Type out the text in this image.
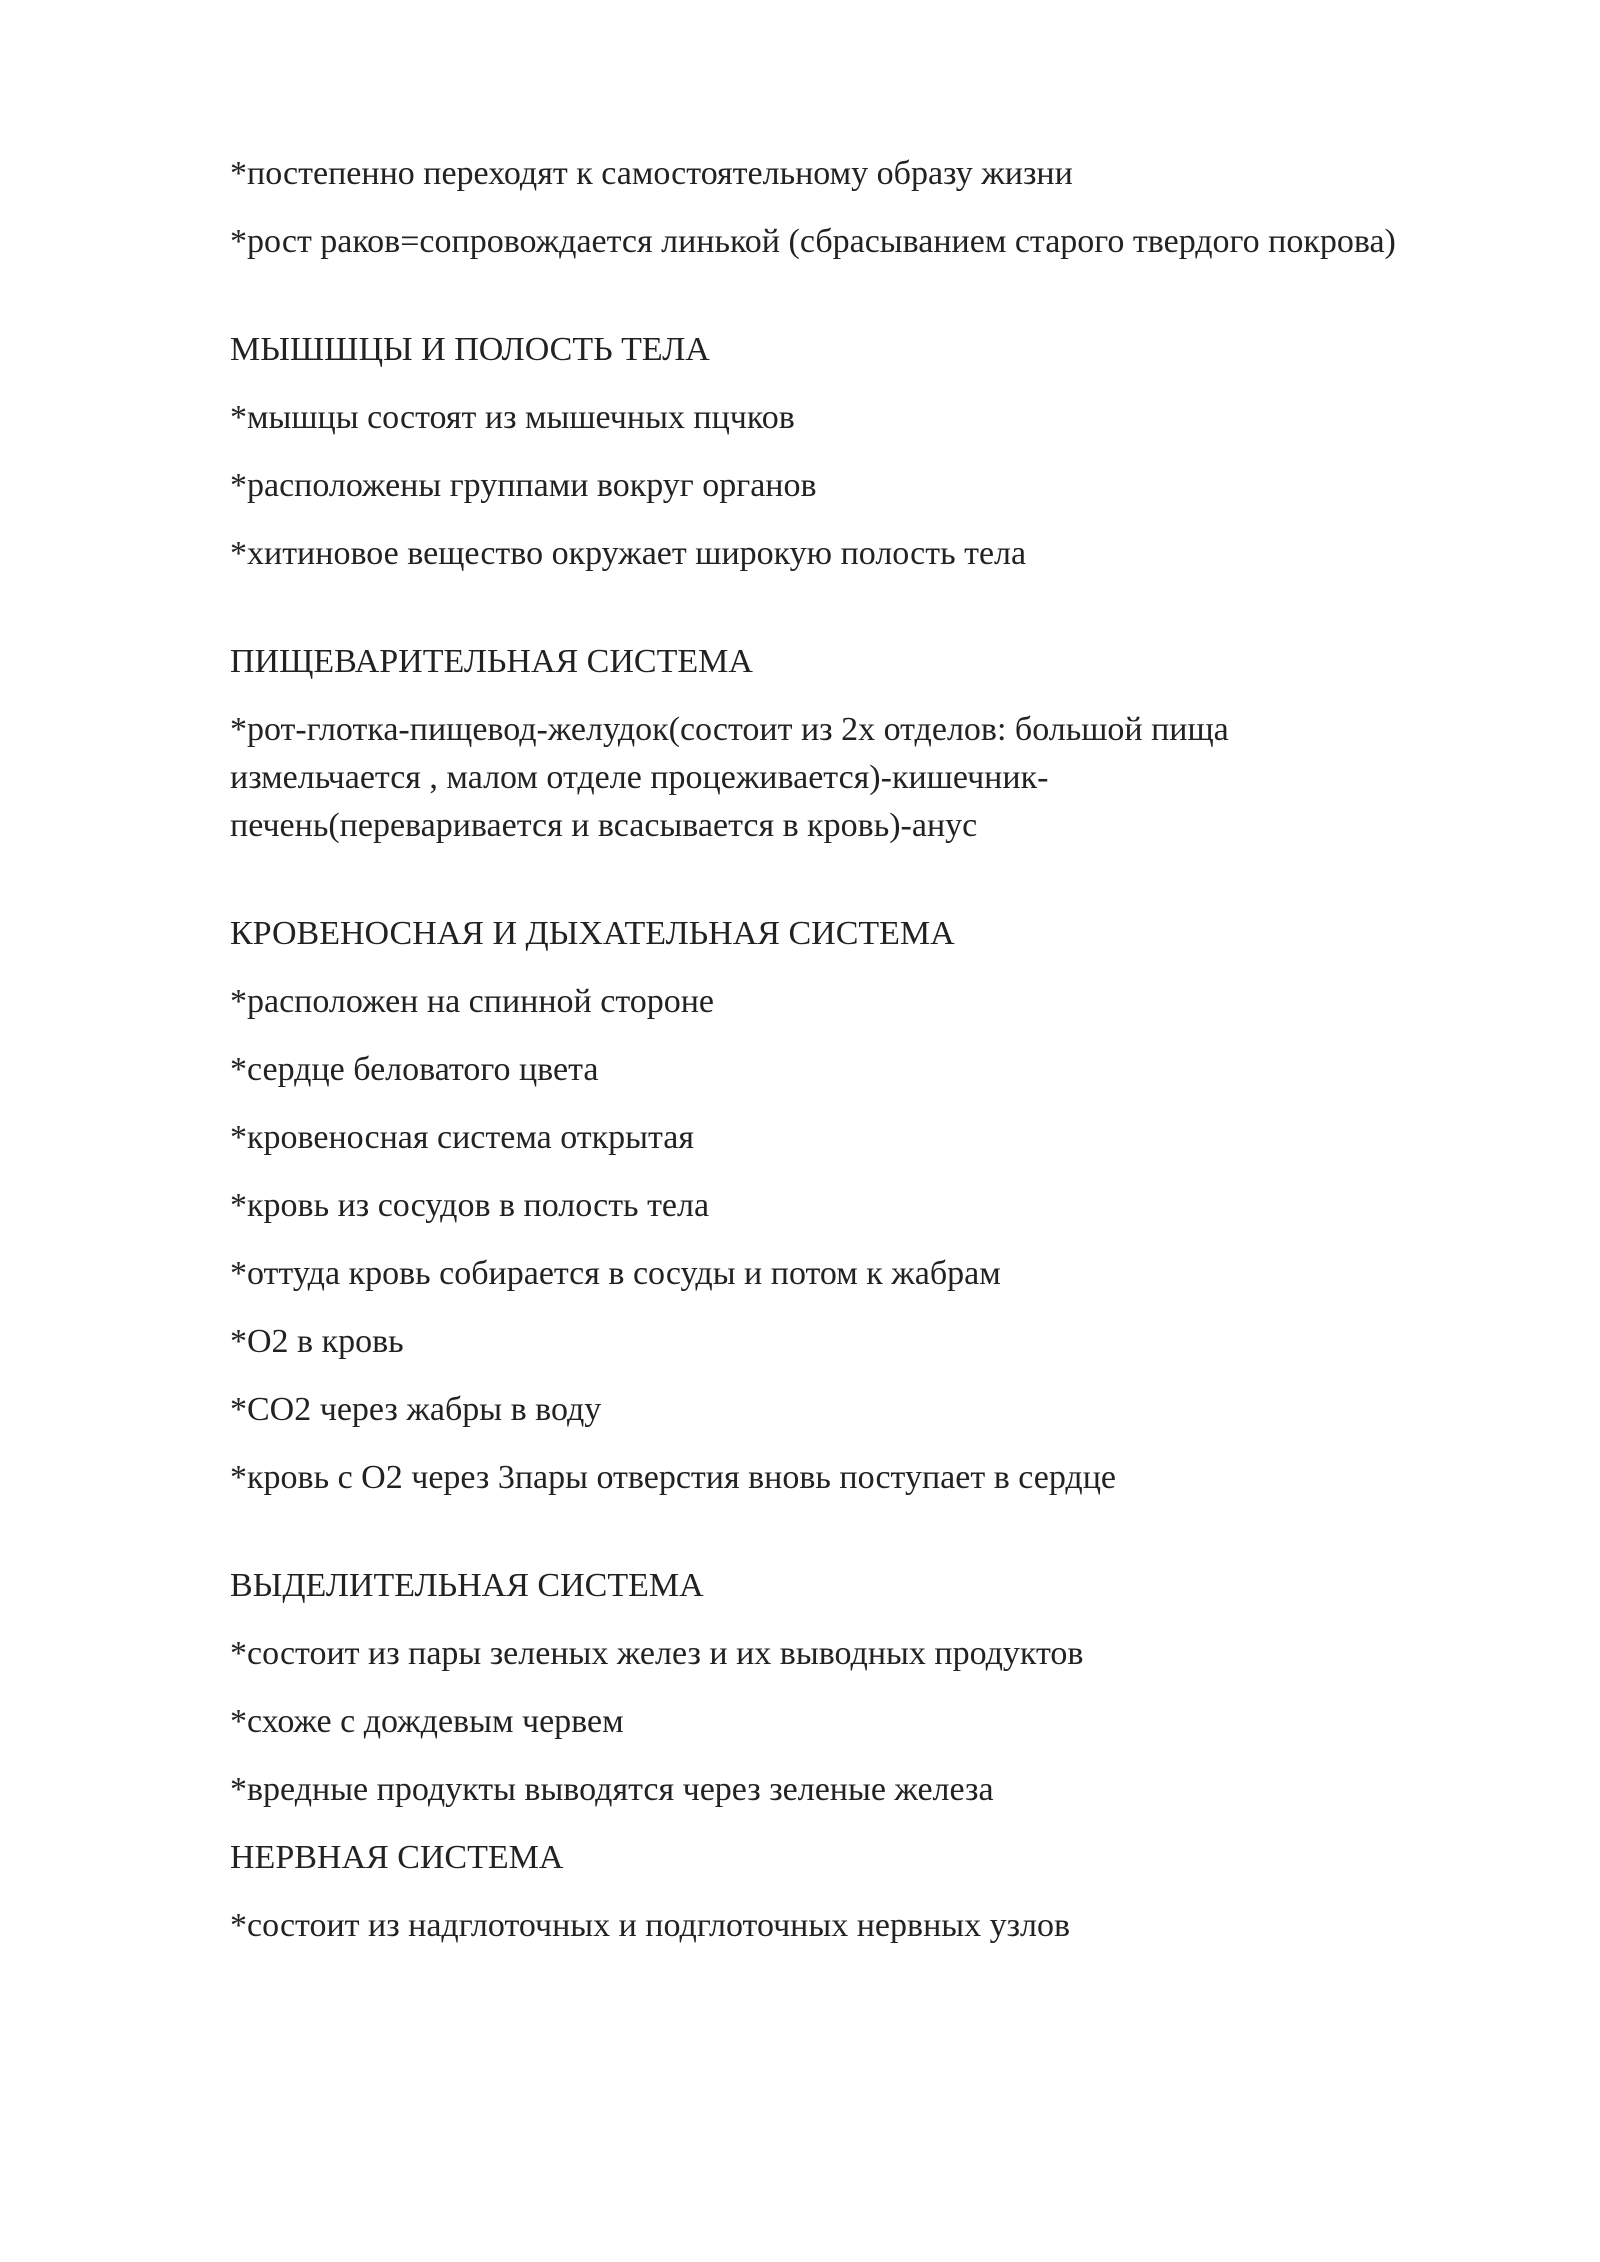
*постепенно переходят к самостоятельному образу жизни

*рост раков=сопровождается линькой (сбрасыванием старого твердого покрова)

МЫШШЦЫ И ПОЛОСТЬ ТЕЛА

*мышцы состоят из мышечных пцчков

*расположены группами вокруг органов

*хитиновое вещество окружает широкую полость тела

ПИЩЕВАРИТЕЛЬНАЯ СИСТЕМА

*рот-глотка-пищевод-желудок(состоит из 2х отделов: большой пища измельчается , малом отделе процеживается)-кишечник-печень(переваривается и всасывается в кровь)-анус

КРОВЕНОСНАЯ И ДЫХАТЕЛЬНАЯ СИСТЕМА

*расположен на спинной стороне

*сердце беловатого цвета

*кровеносная система открытая

*кровь из сосудов в полость тела

*оттуда кровь собирается в сосуды и потом к жабрам

*О2 в кровь

*СО2 через жабры в воду

*кровь с О2 через 3пары отверстия вновь поступает в сердце

ВЫДЕЛИТЕЛЬНАЯ СИСТЕМА

*состоит из пары зеленых желез и их выводных продуктов

*схоже с дождевым червем

*вредные продукты выводятся через зеленые железа

НЕРВНАЯ СИСТЕМА

*состоит из надглоточных и подглоточных нервных узлов
